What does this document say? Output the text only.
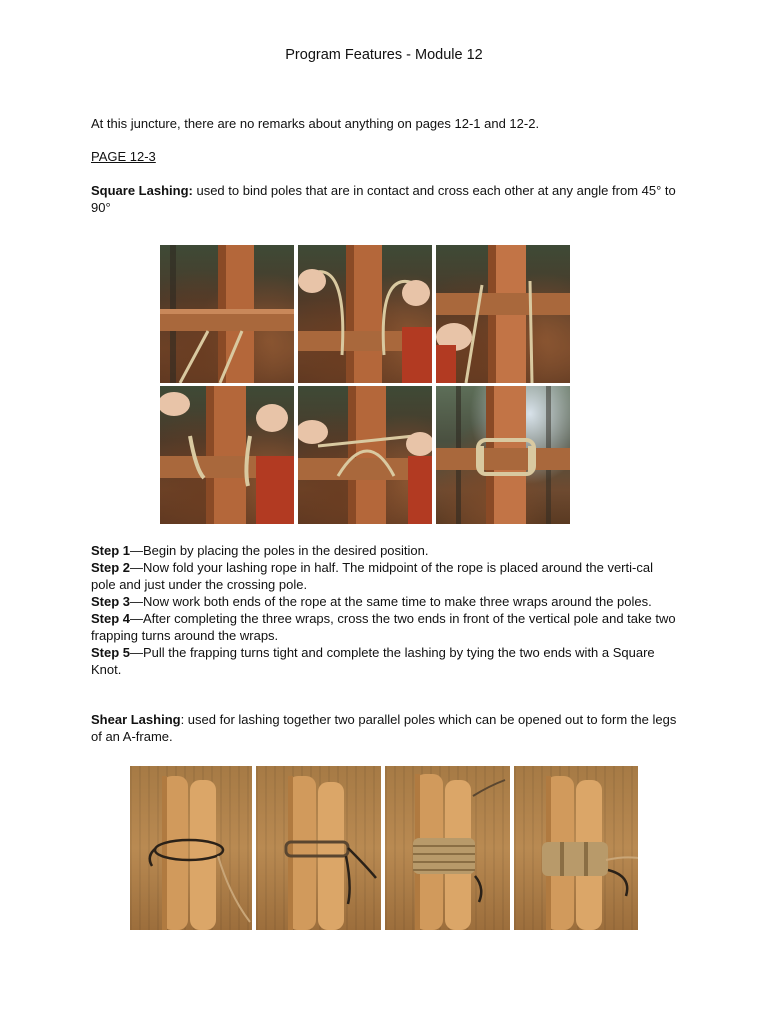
Program Features - Module 12

At this juncture, there are no remarks about anything on pages 12-1 and 12-2.

PAGE 12-3

Square Lashing: used to bind poles that are in contact and cross each other at any angle from 45° to 90°

Step 1—Begin by placing the poles in the desired position.
Step 2—Now fold your lashing rope in half. The midpoint of the rope is placed around the verti-cal pole and just under the crossing pole.
Step 3—Now work both ends of the rope at the same time to make three wraps around the poles.
Step 4—After completing the three wraps, cross the two ends in front of the vertical pole and take two frapping turns around the wraps.
Step 5—Pull the frapping turns tight and complete the lashing by tying the two ends with a Square Knot.

Shear Lashing: used for lashing together two parallel poles which can be opened out to form the legs of an A-frame.
